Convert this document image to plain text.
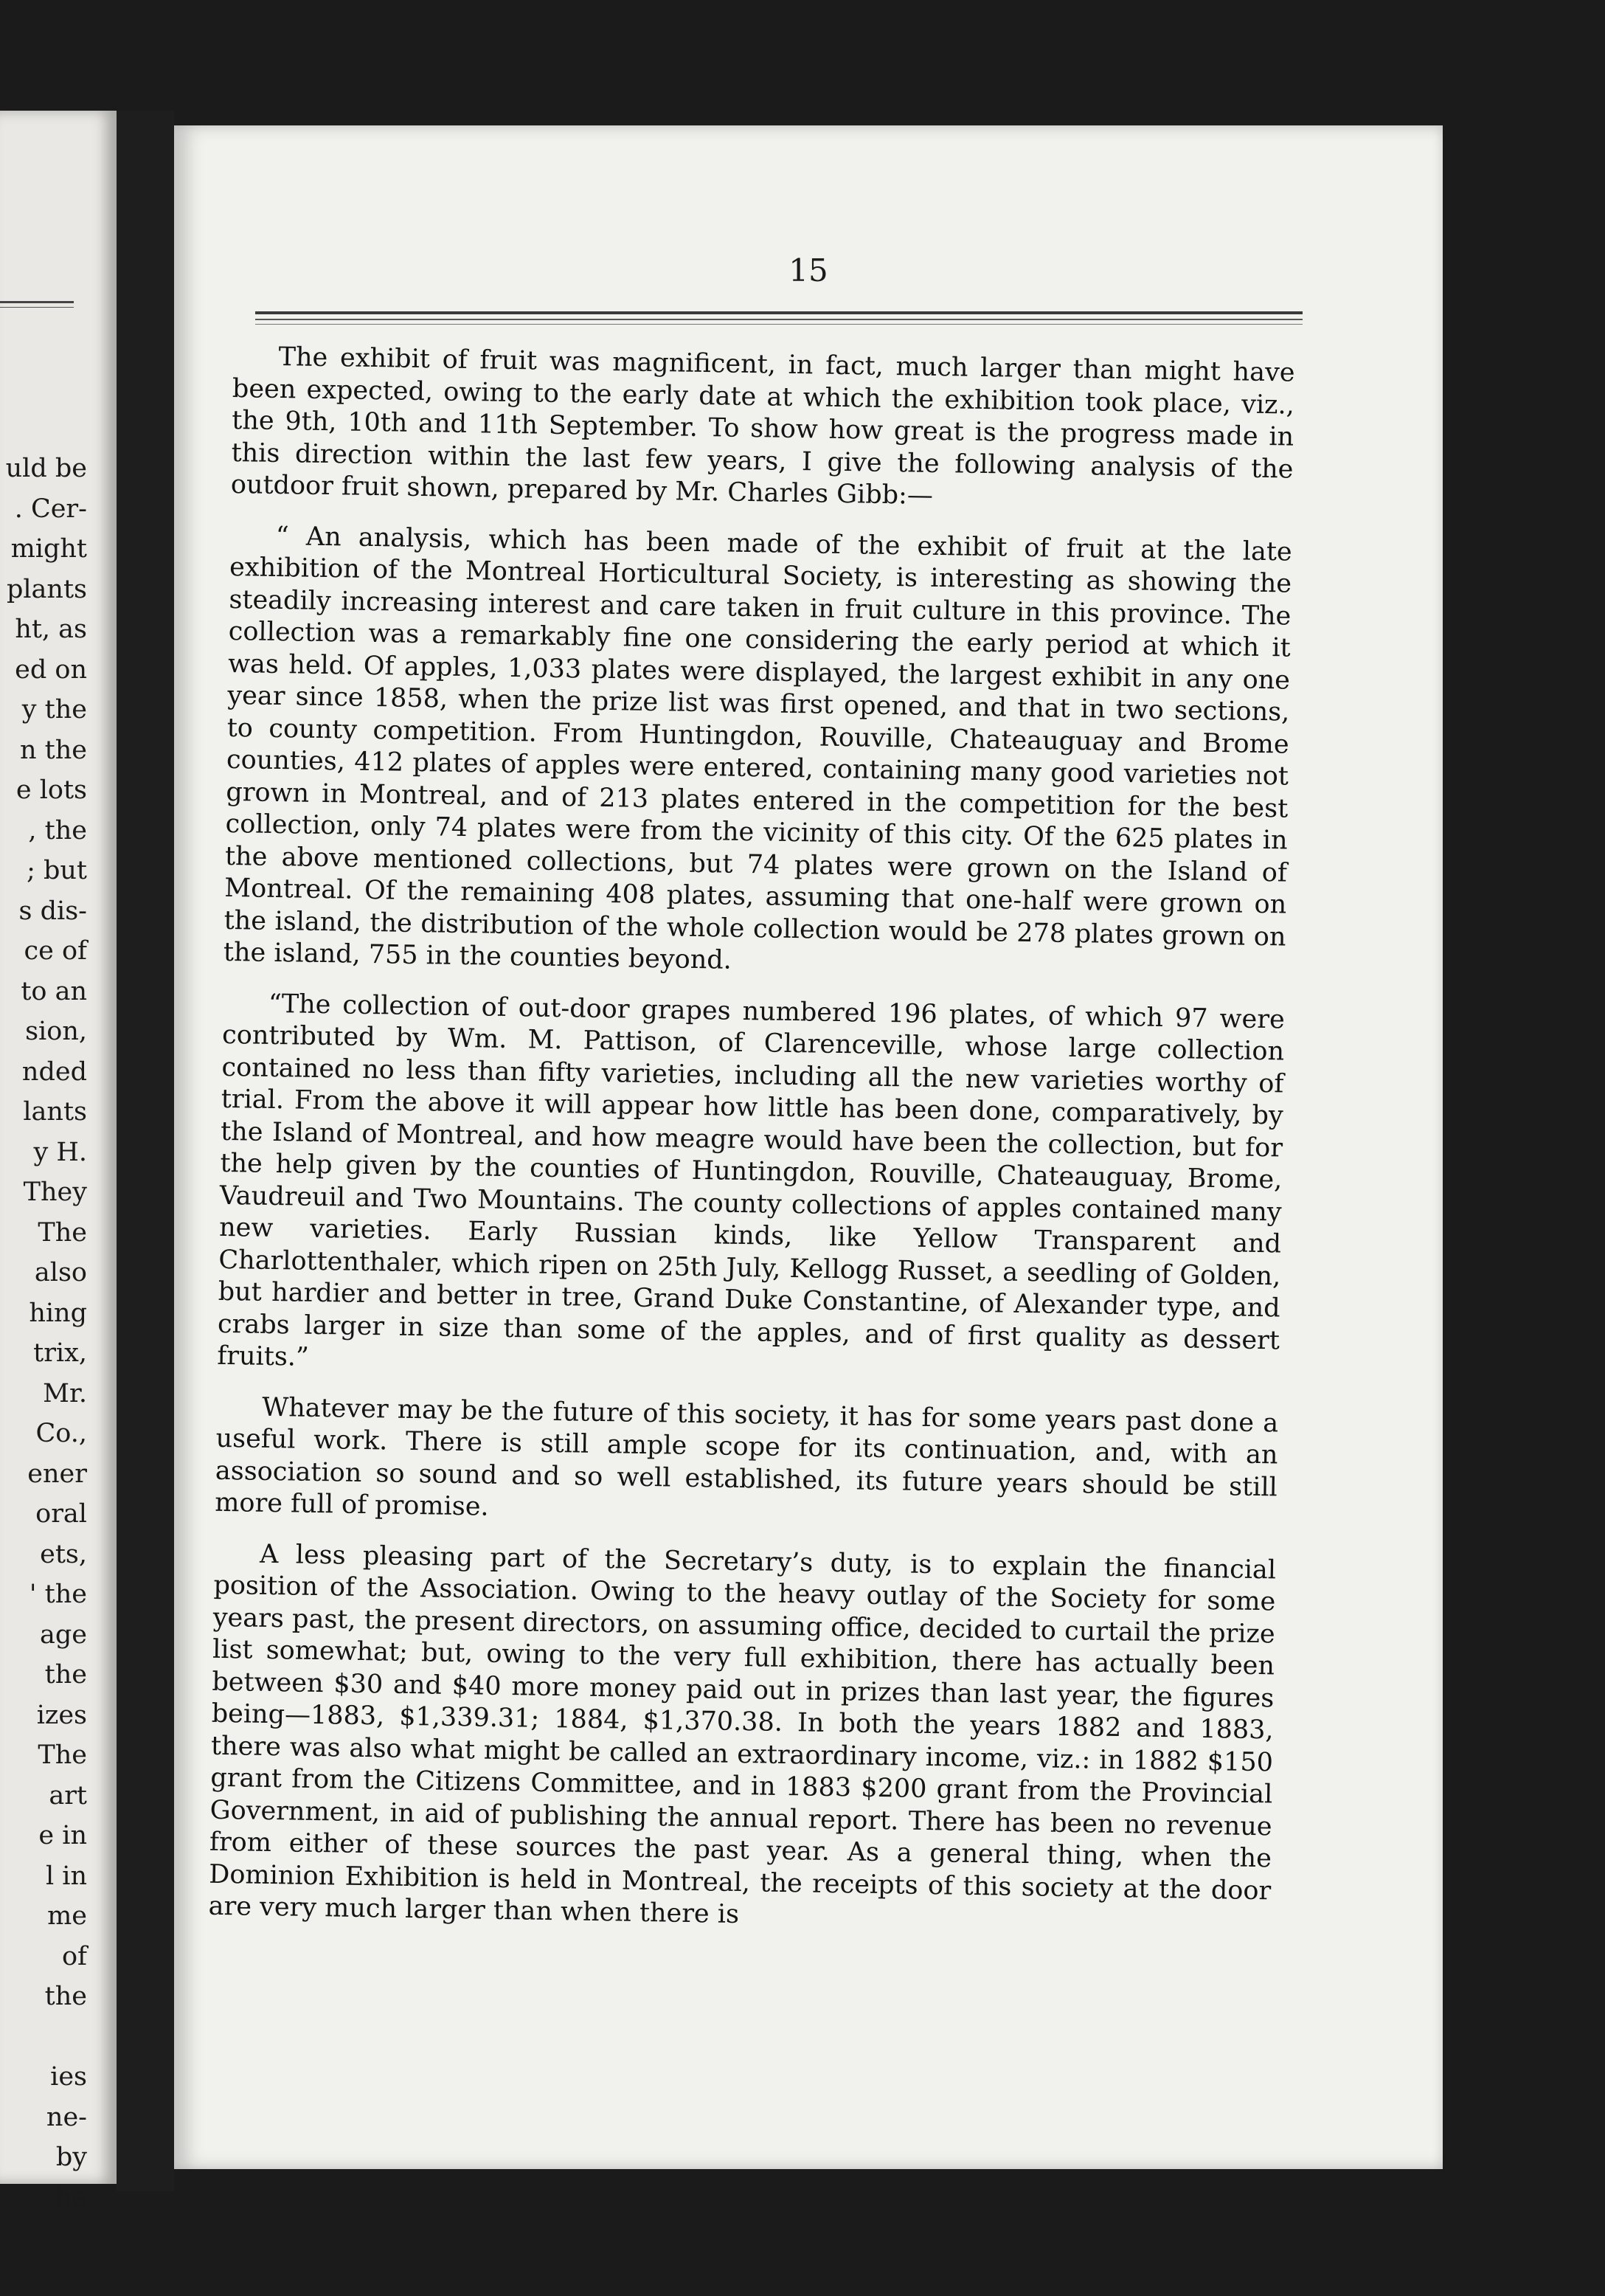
uld be
. Cer-
might
plants
ht, as
ed on
y the
n the
e lots
, the
; but
s dis-
ce of
to an
sion,
nded
lants
y H.
They
The
also
hing
trix,
Mr.
Co.,
ener
oral
ets,
' the
age
the
izes
The
art
e in
l in
me
of
the

ies
ne-
by
he
15

The exhibit of fruit was magnificent, in fact, much larger than might have been expected, owing to the early date at which the exhibition took place, viz., the 9th, 10th and 11th September. To show how great is the progress made in this direction within the last few years, I give the following analysis of the outdoor fruit shown, prepared by Mr. Charles Gibb:—

“ An analysis, which has been made of the exhibit of fruit at the late exhibition of the Montreal Horticultural Society, is interesting as showing the steadily increasing interest and care taken in fruit culture in this province. The collection was a remarkably fine one considering the early period at which it was held. Of apples, 1,033 plates were displayed, the largest exhibit in any one year since 1858, when the prize list was first opened, and that in two sections, to county competition. From Huntingdon, Rouville, Chateauguay and Brome counties, 412 plates of apples were entered, containing many good varieties not grown in Montreal, and of 213 plates entered in the competition for the best collection, only 74 plates were from the vicinity of this city. Of the 625 plates in the above mentioned collections, but 74 plates were grown on the Island of Montreal. Of the remaining 408 plates, assuming that one-half were grown on the island, the distribution of the whole collection would be 278 plates grown on the island, 755 in the counties beyond.

“The collection of out-door grapes numbered 196 plates, of which 97 were contributed by Wm. M. Pattison, of Clarenceville, whose large collection contained no less than fifty varieties, including all the new varieties worthy of trial. From the above it will appear how little has been done, comparatively, by the Island of Montreal, and how meagre would have been the collection, but for the help given by the counties of Huntingdon, Rouville, Chateauguay, Brome, Vaudreuil and Two Mountains. The county collections of apples contained many new varieties. Early Russian kinds, like Yellow Transparent and Charlottenthaler, which ripen on 25th July, Kellogg Russet, a seedling of Golden, but hardier and better in tree, Grand Duke Constantine, of Alexander type, and crabs larger in size than some of the apples, and of first quality as dessert fruits.”

Whatever may be the future of this society, it has for some years past done a useful work. There is still ample scope for its continuation, and, with an association so sound and so well established, its future years should be still more full of promise.

A less pleasing part of the Secretary’s duty, is to explain the financial position of the Association. Owing to the heavy outlay of the Society for some years past, the present directors, on assuming office, decided to curtail the prize list somewhat; but, owing to the very full exhibition, there has actually been between $30 and $40 more money paid out in prizes than last year, the figures being—1883, $1,339.31; 1884, $1,370.38. In both the years 1882 and 1883, there was also what might be called an extraordinary income, viz.: in 1882 $150 grant from the Citizens Committee, and in 1883 $200 grant from the Provincial Government, in aid of publishing the annual report. There has been no revenue from either of these sources the past year. As a general thing, when the Dominion Exhibition is held in Montreal, the receipts of this society at the door are very much larger than when there is
